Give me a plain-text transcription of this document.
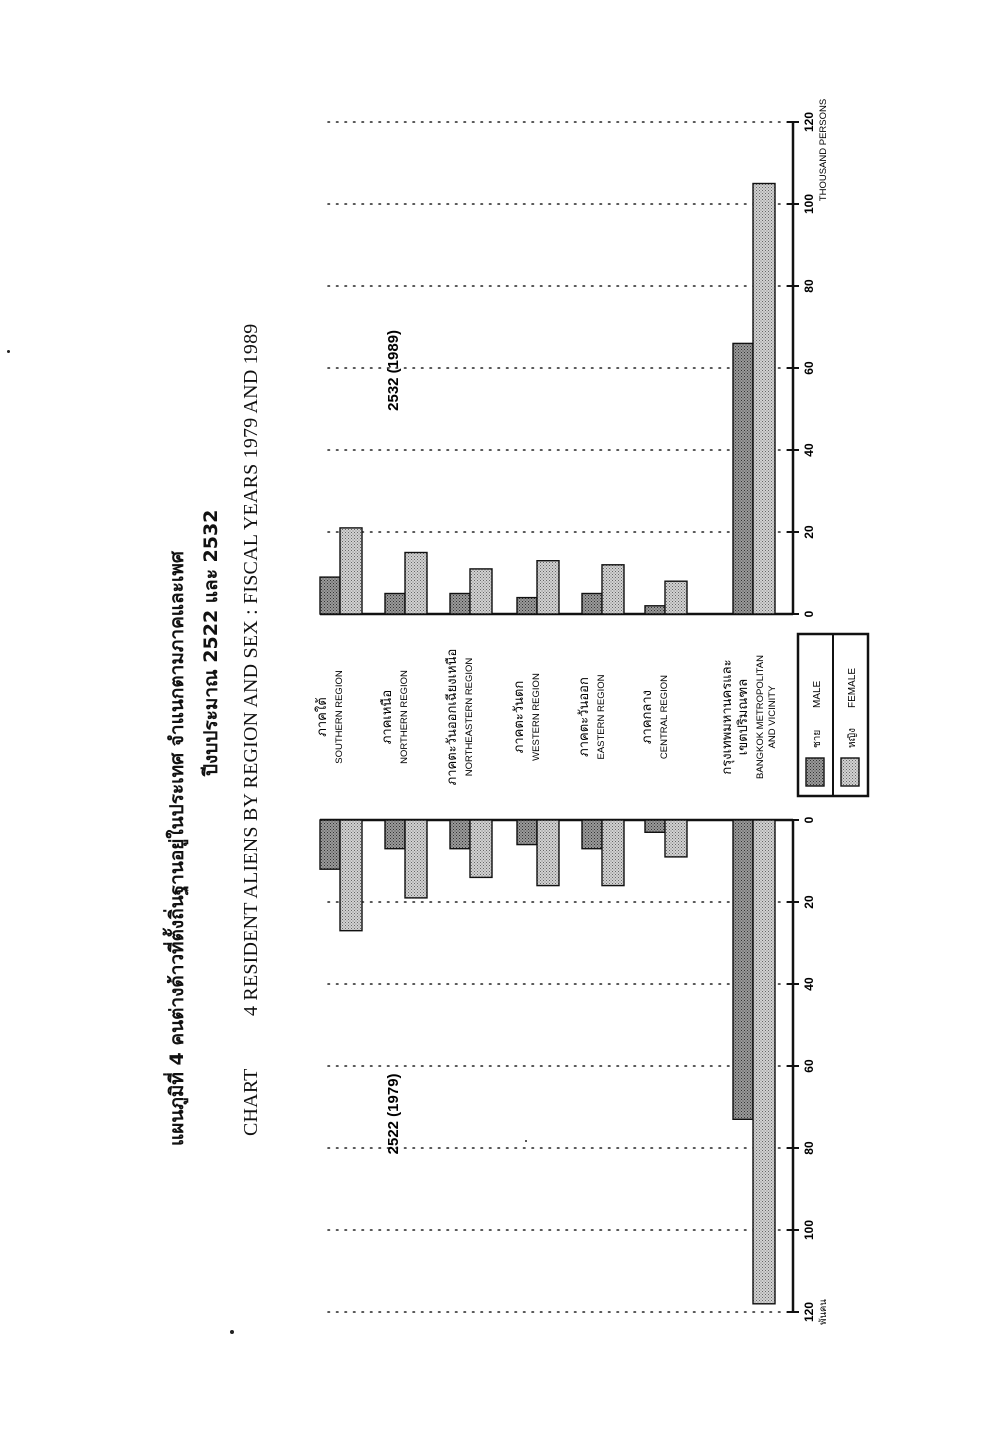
แผนภูมิที่ 4 คนต่างด้าวที่ตั้งถิ่นฐานอยู่ในประเทศ จำแนกตามภาคและเพศ ปีงบประมาณ 2522 และ 2532
CHART
4 RESIDENT ALIENS BY REGION AND SEX : FISCAL YEARS 1979 AND 1989	0
20
40
60
80
100
120
0
20
40
60
80
100
120
พันคน
THOUSAND PERSONS
2522 (1979)
2532 (1989)
ภาคใต้ SOUTHERN REGION	ภาคเหนือ NORTHERN REGION	ภาคตะวันออกเฉียงเหนือ NORTHEASTERN REGION	ภาคตะวันตก WESTERN REGION	ภาคตะวันออก EASTERN REGION	ภาคกลาง CENTRAL REGION	กรุงเทพมหานครและ เขตปริมณฑล BANGKOK METROPOLITAN AND VICINITY	ชาย
MALE
หญิง
FEMALE
